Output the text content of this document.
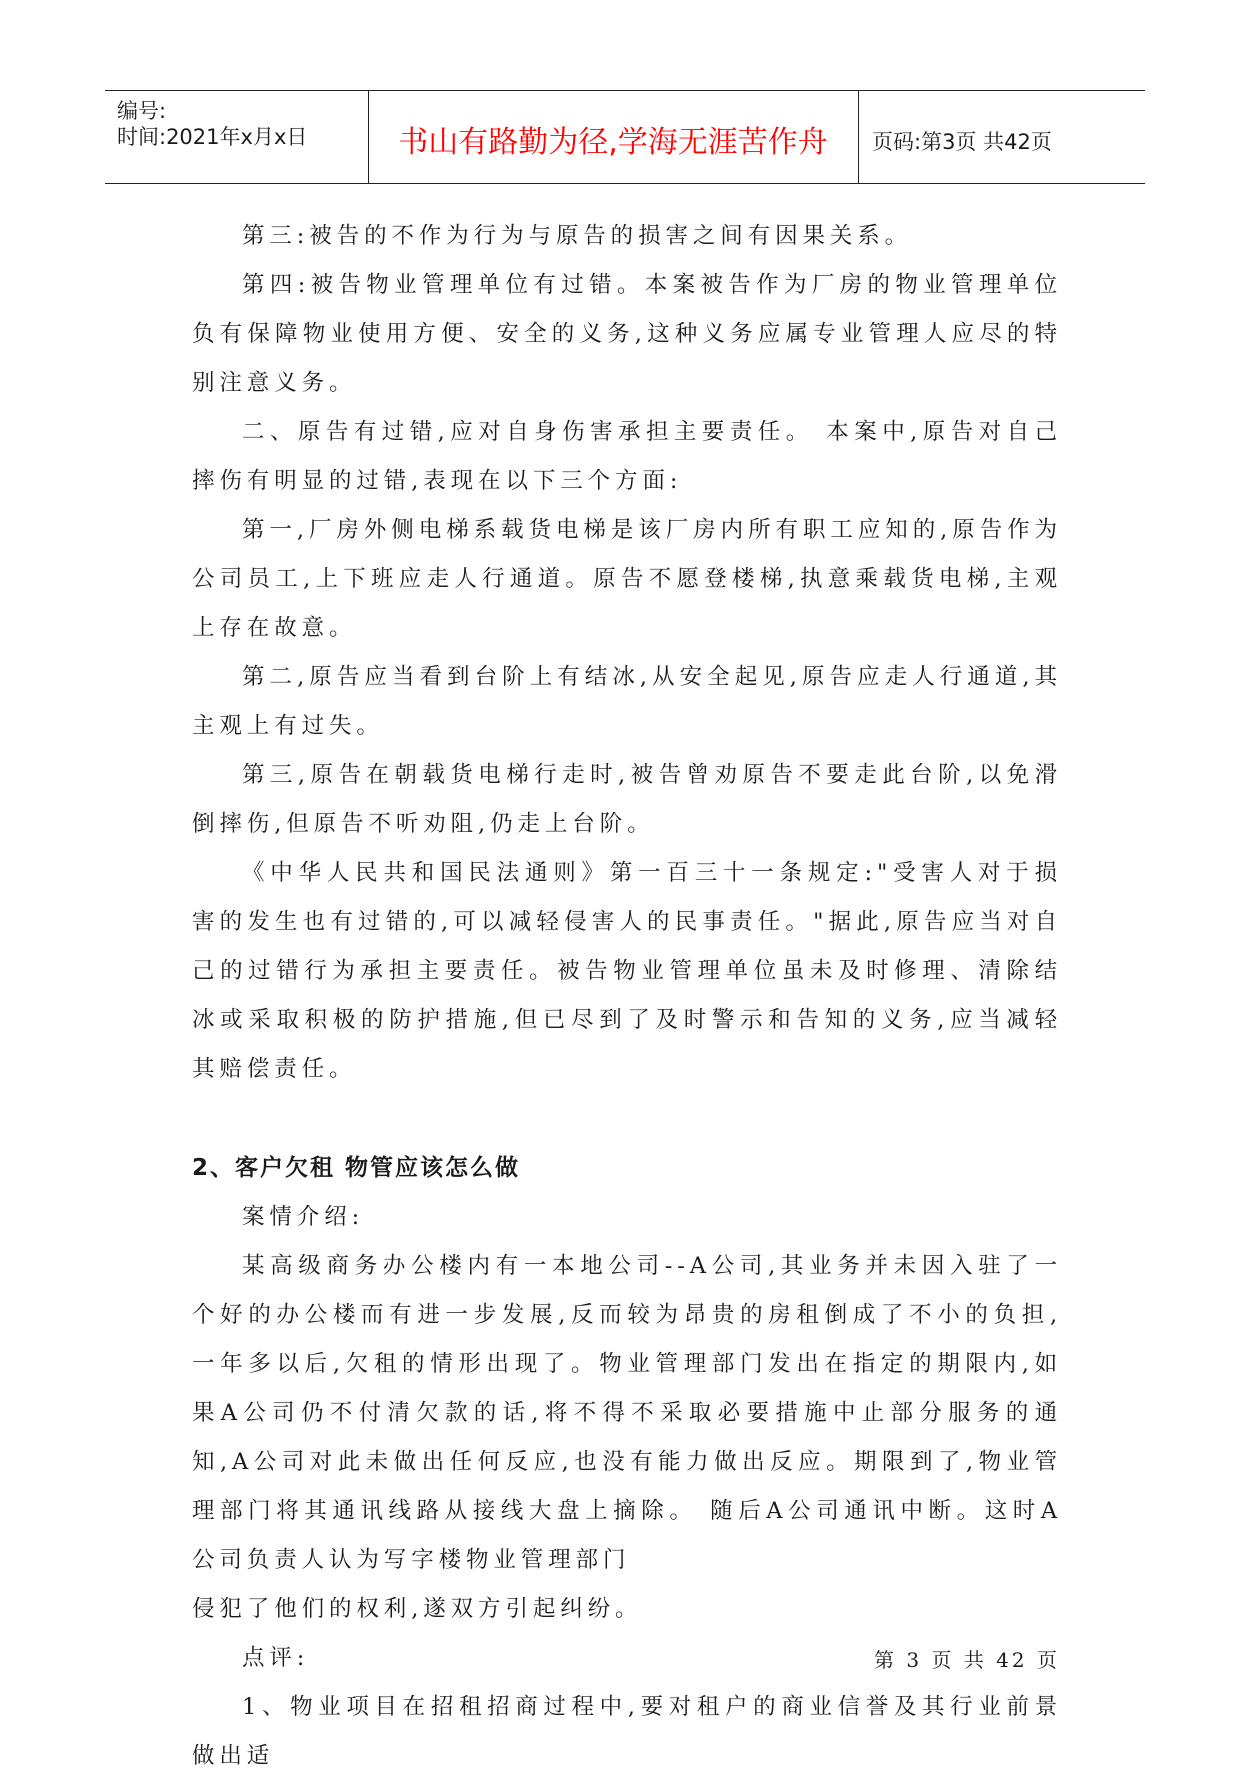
编号:
时间:2021年x月x日	书山有路勤为径,学海无涯苦作舟	页码:第3页 共42页

第三:被告的不作为行为与原告的损害之间有因果关系。

第四:被告物业管理单位有过错。本案被告作为厂房的物业管理单位负有保障物业使用方便、安全的义务,这种义务应属专业管理人应尽的特别注意义务。

二、原告有过错,应对自身伤害承担主要责任。 本案中,原告对自己摔伤有明显的过错,表现在以下三个方面:

第一,厂房外侧电梯系载货电梯是该厂房内所有职工应知的,原告作为公司员工,上下班应走人行通道。原告不愿登楼梯,执意乘载货电梯,主观上存在故意。

第二,原告应当看到台阶上有结冰,从安全起见,原告应走人行通道,其主观上有过失。

第三,原告在朝载货电梯行走时,被告曾劝原告不要走此台阶,以免滑倒摔伤,但原告不听劝阻,仍走上台阶。

《中华人民共和国民法通则》第一百三十一条规定:"受害人对于损害的发生也有过错的,可以减轻侵害人的民事责任。"据此,原告应当对自己的过错行为承担主要责任。被告物业管理单位虽未及时修理、清除结冰或采取积极的防护措施,但已尽到了及时警示和告知的义务,应当减轻其赔偿责任。

2、客户欠租 物管应该怎么做

案情介绍:

某高级商务办公楼内有一本地公司--A公司,其业务并未因入驻了一个好的办公楼而有进一步发展,反而较为昂贵的房租倒成了不小的负担,一年多以后,欠租的情形出现了。物业管理部门发出在指定的期限内,如果A公司仍不付清欠款的话,将不得不采取必要措施中止部分服务的通知,A公司对此未做出任何反应,也没有能力做出反应。期限到了,物业管理部门将其通讯线路从接线大盘上摘除。 随后A公司通讯中断。这时A公司负责人认为写字楼物业管理部门

侵犯了他们的权利,遂双方引起纠纷。

点评:

1、物业项目在招租招商过程中,要对租户的商业信誉及其行业前景做出适

第 3 页 共 42 页
